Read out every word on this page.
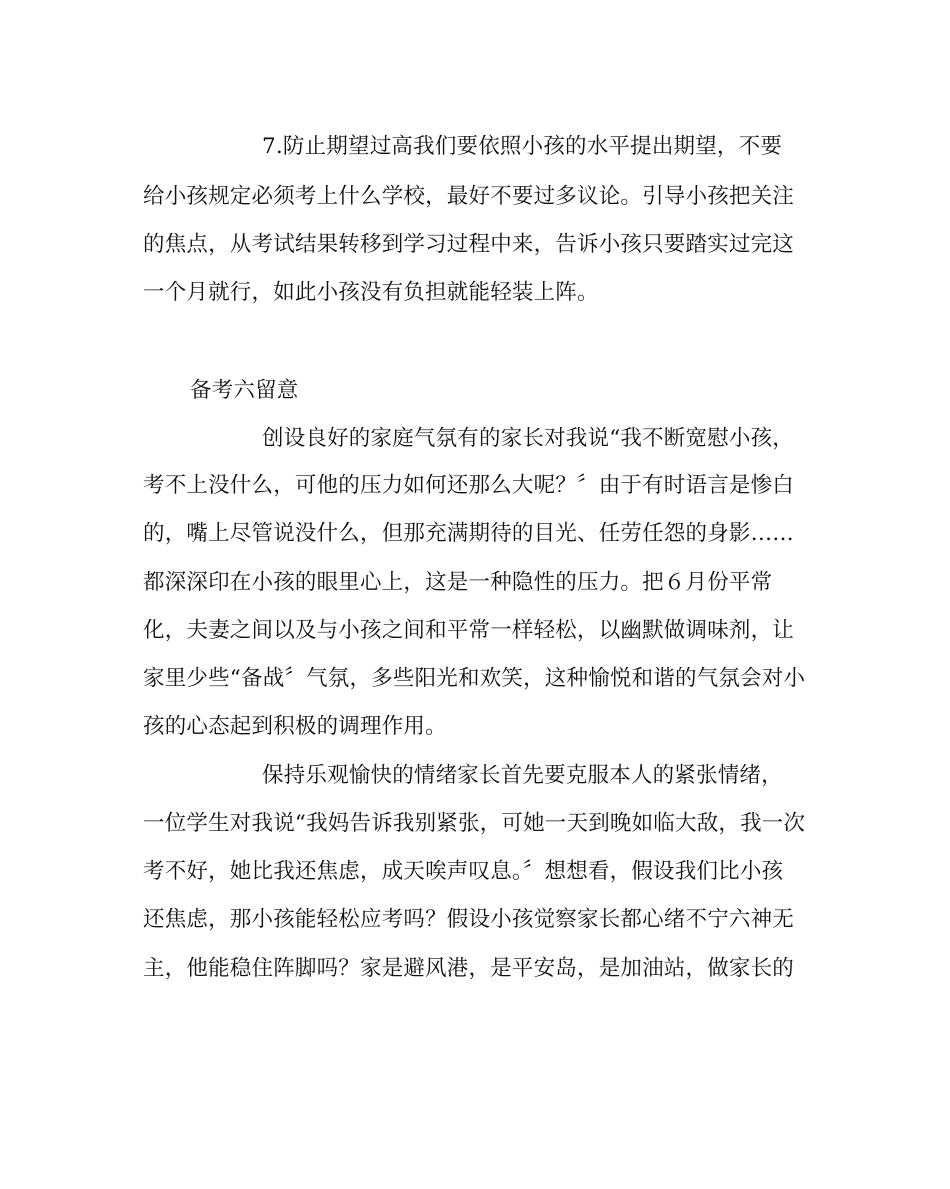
7.防止期望过高我们要依照小孩的水平提出期望，不要
给小孩规定必须考上什么学校，最好不要过多议论。引导小孩把关注
的焦点，从考试结果转移到学习过程中来，告诉小孩只要踏实过完这
一个月就行，如此小孩没有负担就能轻装上阵。
备考六留意
创设良好的家庭气氛有的家长对我说“我不断宽慰小孩，
考不上没什么，可他的压力如何还那么大呢？〞由于有时语言是惨白
的，嘴上尽管说没什么，但那充满期待的目光、任劳任怨的身影……
都深深印在小孩的眼里心上，这是一种隐性的压力。把６月份平常
化，夫妻之间以及与小孩之间和平常一样轻松，以幽默做调味剂，让
家里少些“备战〞气氛，多些阳光和欢笑，这种愉悦和谐的气氛会对小
孩的心态起到积极的调理作用。
保持乐观愉快的情绪家长首先要克服本人的紧张情绪，
一位学生对我说“我妈告诉我别紧张，可她一天到晚如临大敌，我一次
考不好，她比我还焦虑，成天唉声叹息。〞想想看，假设我们比小孩
还焦虑，那小孩能轻松应考吗？假设小孩觉察家长都心绪不宁六神无
主，他能稳住阵脚吗？家是避风港，是平安岛，是加油站，做家长的
